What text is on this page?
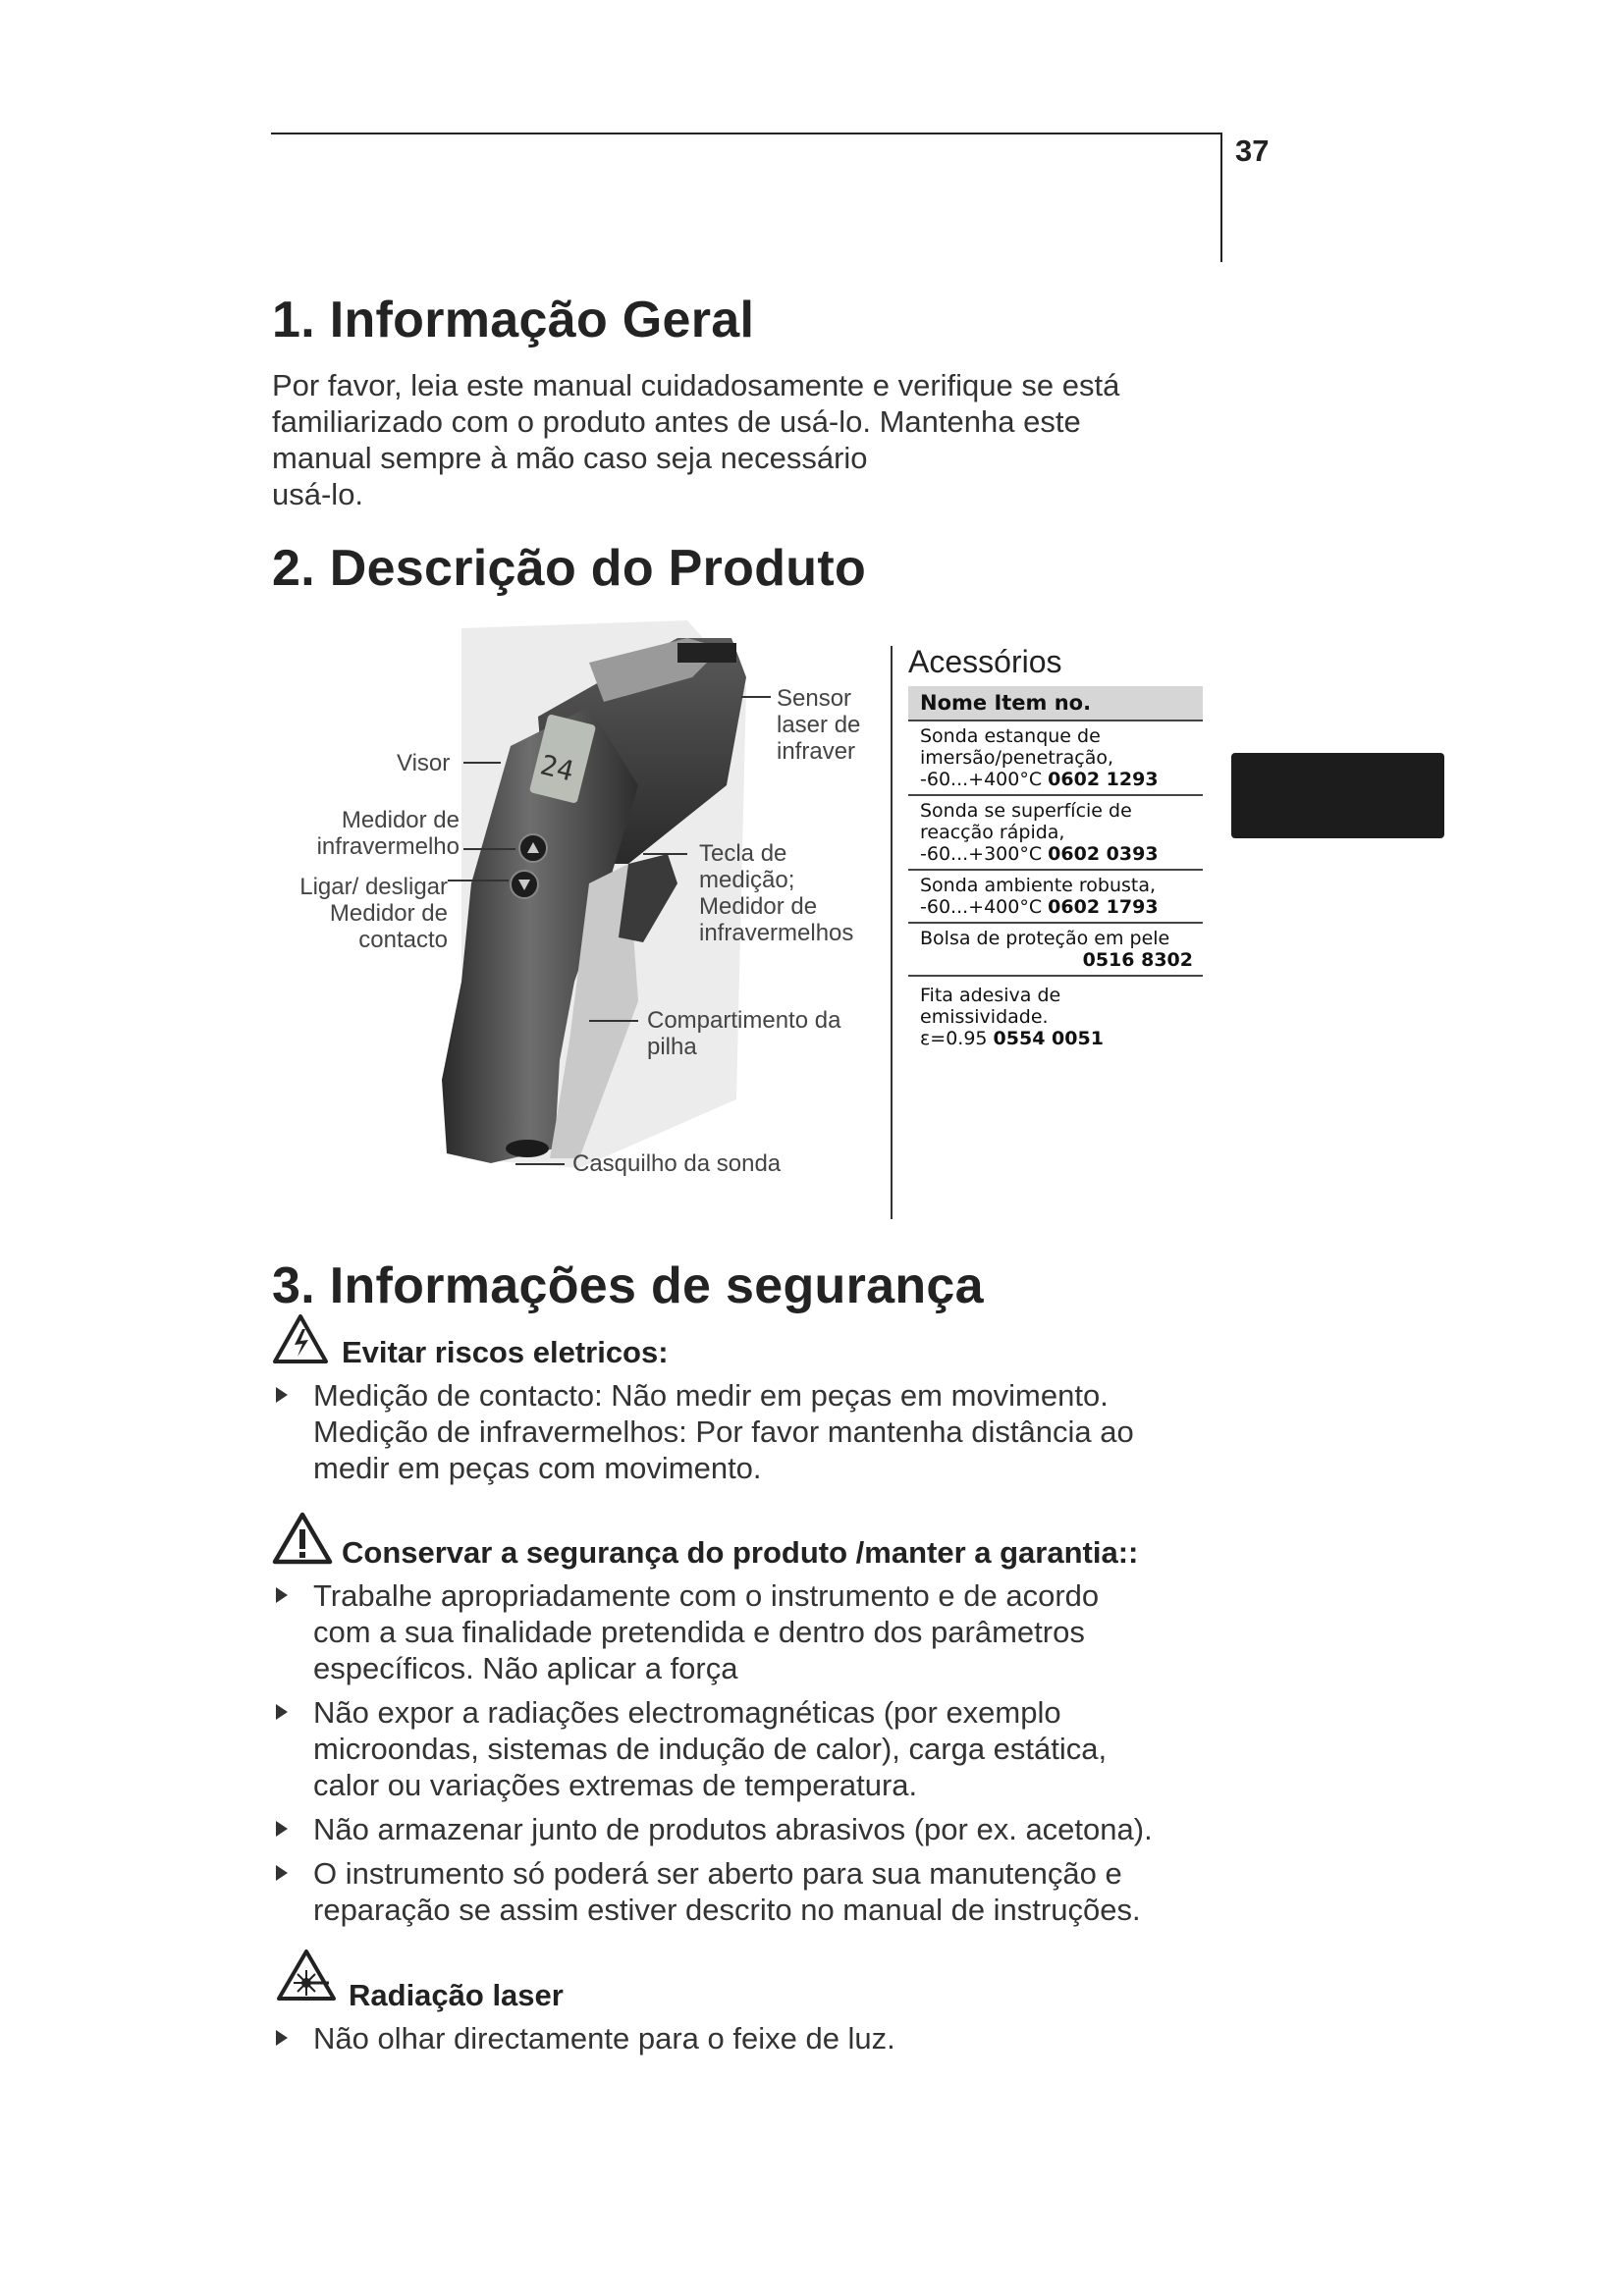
37
1. Informação Geral
Por favor, leia este manual cuidadosamente e verifique se está
familiarizado com o produto antes de usá-lo. Mantenha este
manual sempre à mão caso seja necessário
usá-lo.
2. Descrição do Produto
24
Visor
Medidor de
infravermelho
Ligar/ desligar
Medidor de
contacto
Sensor
laser de
infraver
Tecla de
medição;
Medidor de
infravermelhos
Compartimento da
pilha
Casquilho da sonda
Acessórios
Nome Item no.

Sonda estanque de
imersão/penetração,
-60...+400°C 0602 1293

Sonda se superfície de
reacção rápida,
-60...+300°C 0602 0393

Sonda ambiente robusta,
-60...+400°C 0602 1793

Bolsa de proteção em pele
0516 8302

Fita adesiva de
emissividade.
ε=0.95 0554 0051
3. Informações de segurança
Evitar riscos eletricos:
Medição de contacto: Não medir em peças em movimento.
Medição de infravermelhos: Por favor mantenha distância ao
medir em peças com movimento.
Conservar a segurança do produto /manter a garantia::
Trabalhe apropriadamente com o instrumento e de acordo
com a sua finalidade pretendida e dentro dos parâmetros
específicos. Não aplicar a força
Não expor a radiações electromagnéticas (por exemplo
microondas, sistemas de indução de calor), carga estática,
calor ou variações extremas de temperatura.
Não armazenar junto de produtos abrasivos (por ex. acetona).
O instrumento só poderá ser aberto para sua manutenção e
reparação se assim estiver descrito no manual de instruções.
Radiação laser
Não olhar directamente para o feixe de luz.
